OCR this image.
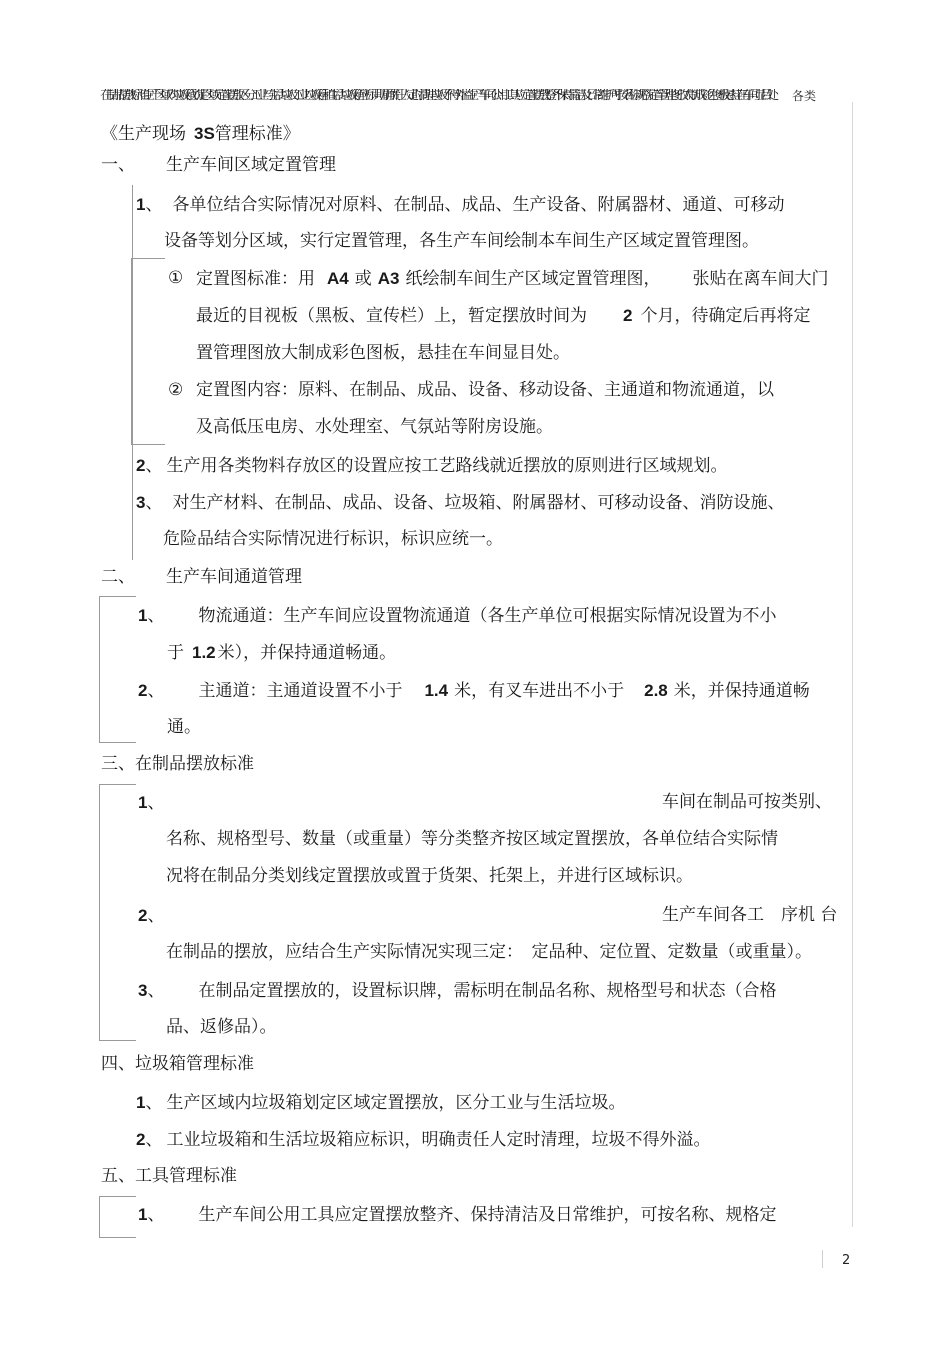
在制品摆放标准生产区域内垃圾箱划定区域定置摆放区分工业与生活垃圾工业垃圾箱和生活垃圾箱应标识明确责任人定时清理垃圾不得外溢生产车间公用工具应定置摆放整齐保持清洁及日常维护可按名称规格定置管理图放大制成彩色图板悬挂在车间显目处	各类
《生产现场 3S管理标准》
一、 生产车间区域定置管理
1、 各单位结合实际情况对原料、在制品、成品、生产设备、附属器材、通道、可移动
设备等划分区域，实行定置管理，各生产车间绘制本车间生产区域定置管理图。
① 定置图标准：用 A4 或 A3 纸绘制车间生产区域定置管理图， 张贴在离车间大门
最近的目视板（黑板、宣传栏）上，暂定摆放时间为 2 个月，待确定后再将定
置管理图放大制成彩色图板，悬挂在车间显目处。
② 定置图内容：原料、在制品、成品、设备、移动设备、主通道和物流通道，以
及高低压电房、水处理室、气氛站等附房设施。
2、 生产用各类物料存放区的设置应按工艺路线就近摆放的原则进行区域规划。
3、 对生产材料、在制品、成品、设备、垃圾箱、附属器材、可移动设备、消防设施、
危险品结合实际情况进行标识，标识应统一。
二、 生产车间通道管理
1、 物流通道：生产车间应设置物流通道（各生产单位可根据实际情况设置为不小
于 1.2 米），并保持通道畅通。
2、 主通道：主通道设置不小于 1.4 米，有叉车进出不小于 2.8 米，并保持通道畅
通。
三、在制品摆放标准
1、	车间在制品可按类别、
名称、规格型号、数量（或重量）等分类整齐按区域定置摆放，各单位结合实际情
况将在制品分类划线定置摆放或置于货架、托架上，并进行区域标识。
2、	生产车间各工　序机 台
在制品的摆放，应结合生产实际情况实现三定：　定品种、定位置、定数量（或重量）。
3、 在制品定置摆放的，设置标识牌，需标明在制品名称、规格型号和状态（合格
品、返修品）。
四、垃圾箱管理标准
1、 生产区域内垃圾箱划定区域定置摆放，区分工业与生活垃圾。
2、 工业垃圾箱和生活垃圾箱应标识，明确责任人定时清理，垃圾不得外溢。
五、工具管理标准
1、 生产车间公用工具应定置摆放整齐、保持清洁及日常维护，可按名称、规格定
2
